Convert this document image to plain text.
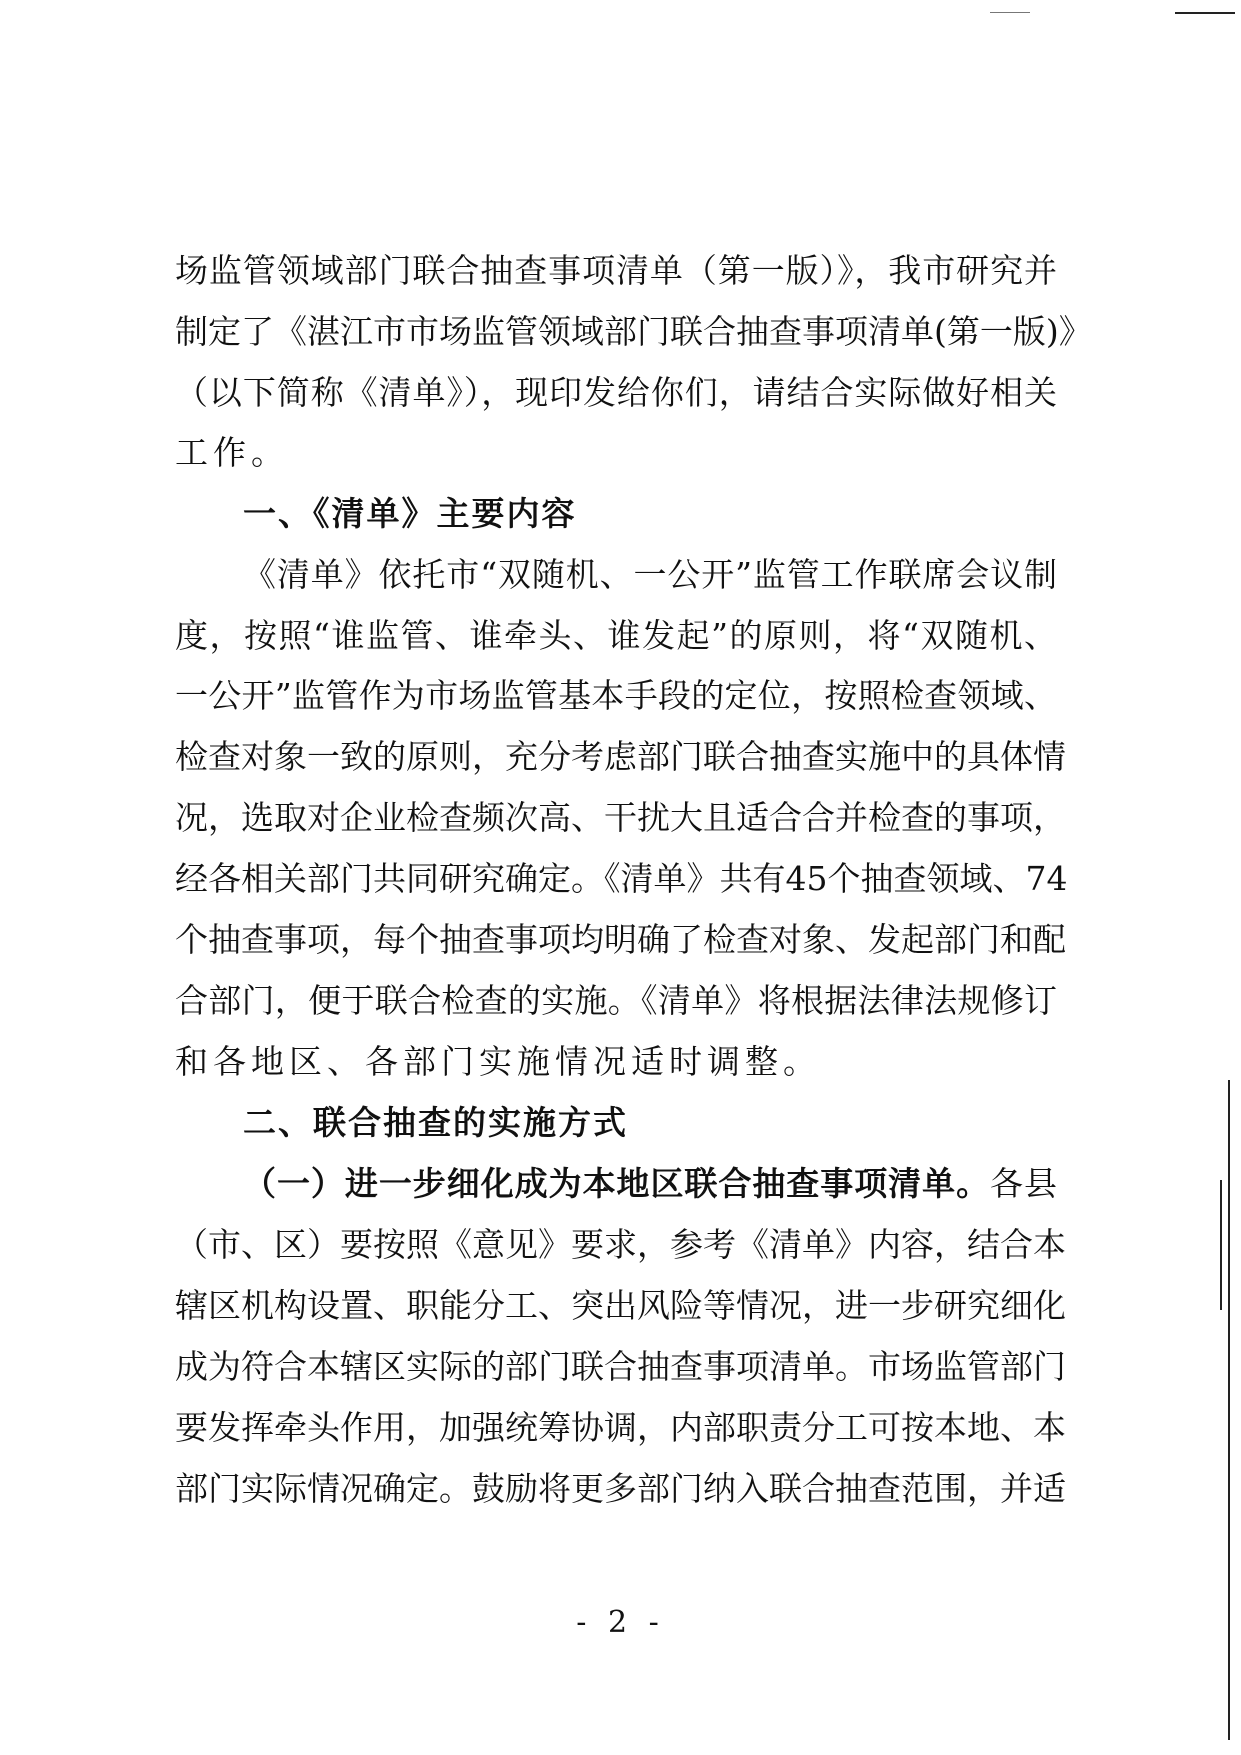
场监管领域部门联合抽查事项清单（第一版）》，我市研究并
制定了《湛江市市场监管领域部门联合抽查事项清单(第一版)》
（以下简称《清单》），现印发给你们，请结合实际做好相关
工作。
一、《清单》主要内容
《清单》依托市“双随机、一公开”监管工作联席会议制
度，按照“谁监管、谁牵头、谁发起”的原则，将“双随机、
一公开”监管作为市场监管基本手段的定位，按照检查领域、
检查对象一致的原则，充分考虑部门联合抽查实施中的具体情
况，选取对企业检查频次高、干扰大且适合合并检查的事项，
经各相关部门共同研究确定。《清单》共有45个抽查领域、74
个抽查事项，每个抽查事项均明确了检查对象、发起部门和配
合部门，便于联合检查的实施。《清单》将根据法律法规修订
和各地区、各部门实施情况适时调整。
二、联合抽查的实施方式
（一）进一步细化成为本地区联合抽查事项清单。各县
（市、区）要按照《意见》要求，参考《清单》内容，结合本
辖区机构设置、职能分工、突出风险等情况，进一步研究细化
成为符合本辖区实际的部门联合抽查事项清单。市场监管部门
要发挥牵头作用，加强统筹协调，内部职责分工可按本地、本
部门实际情况确定。鼓励将更多部门纳入联合抽查范围，并适
- 2 -
